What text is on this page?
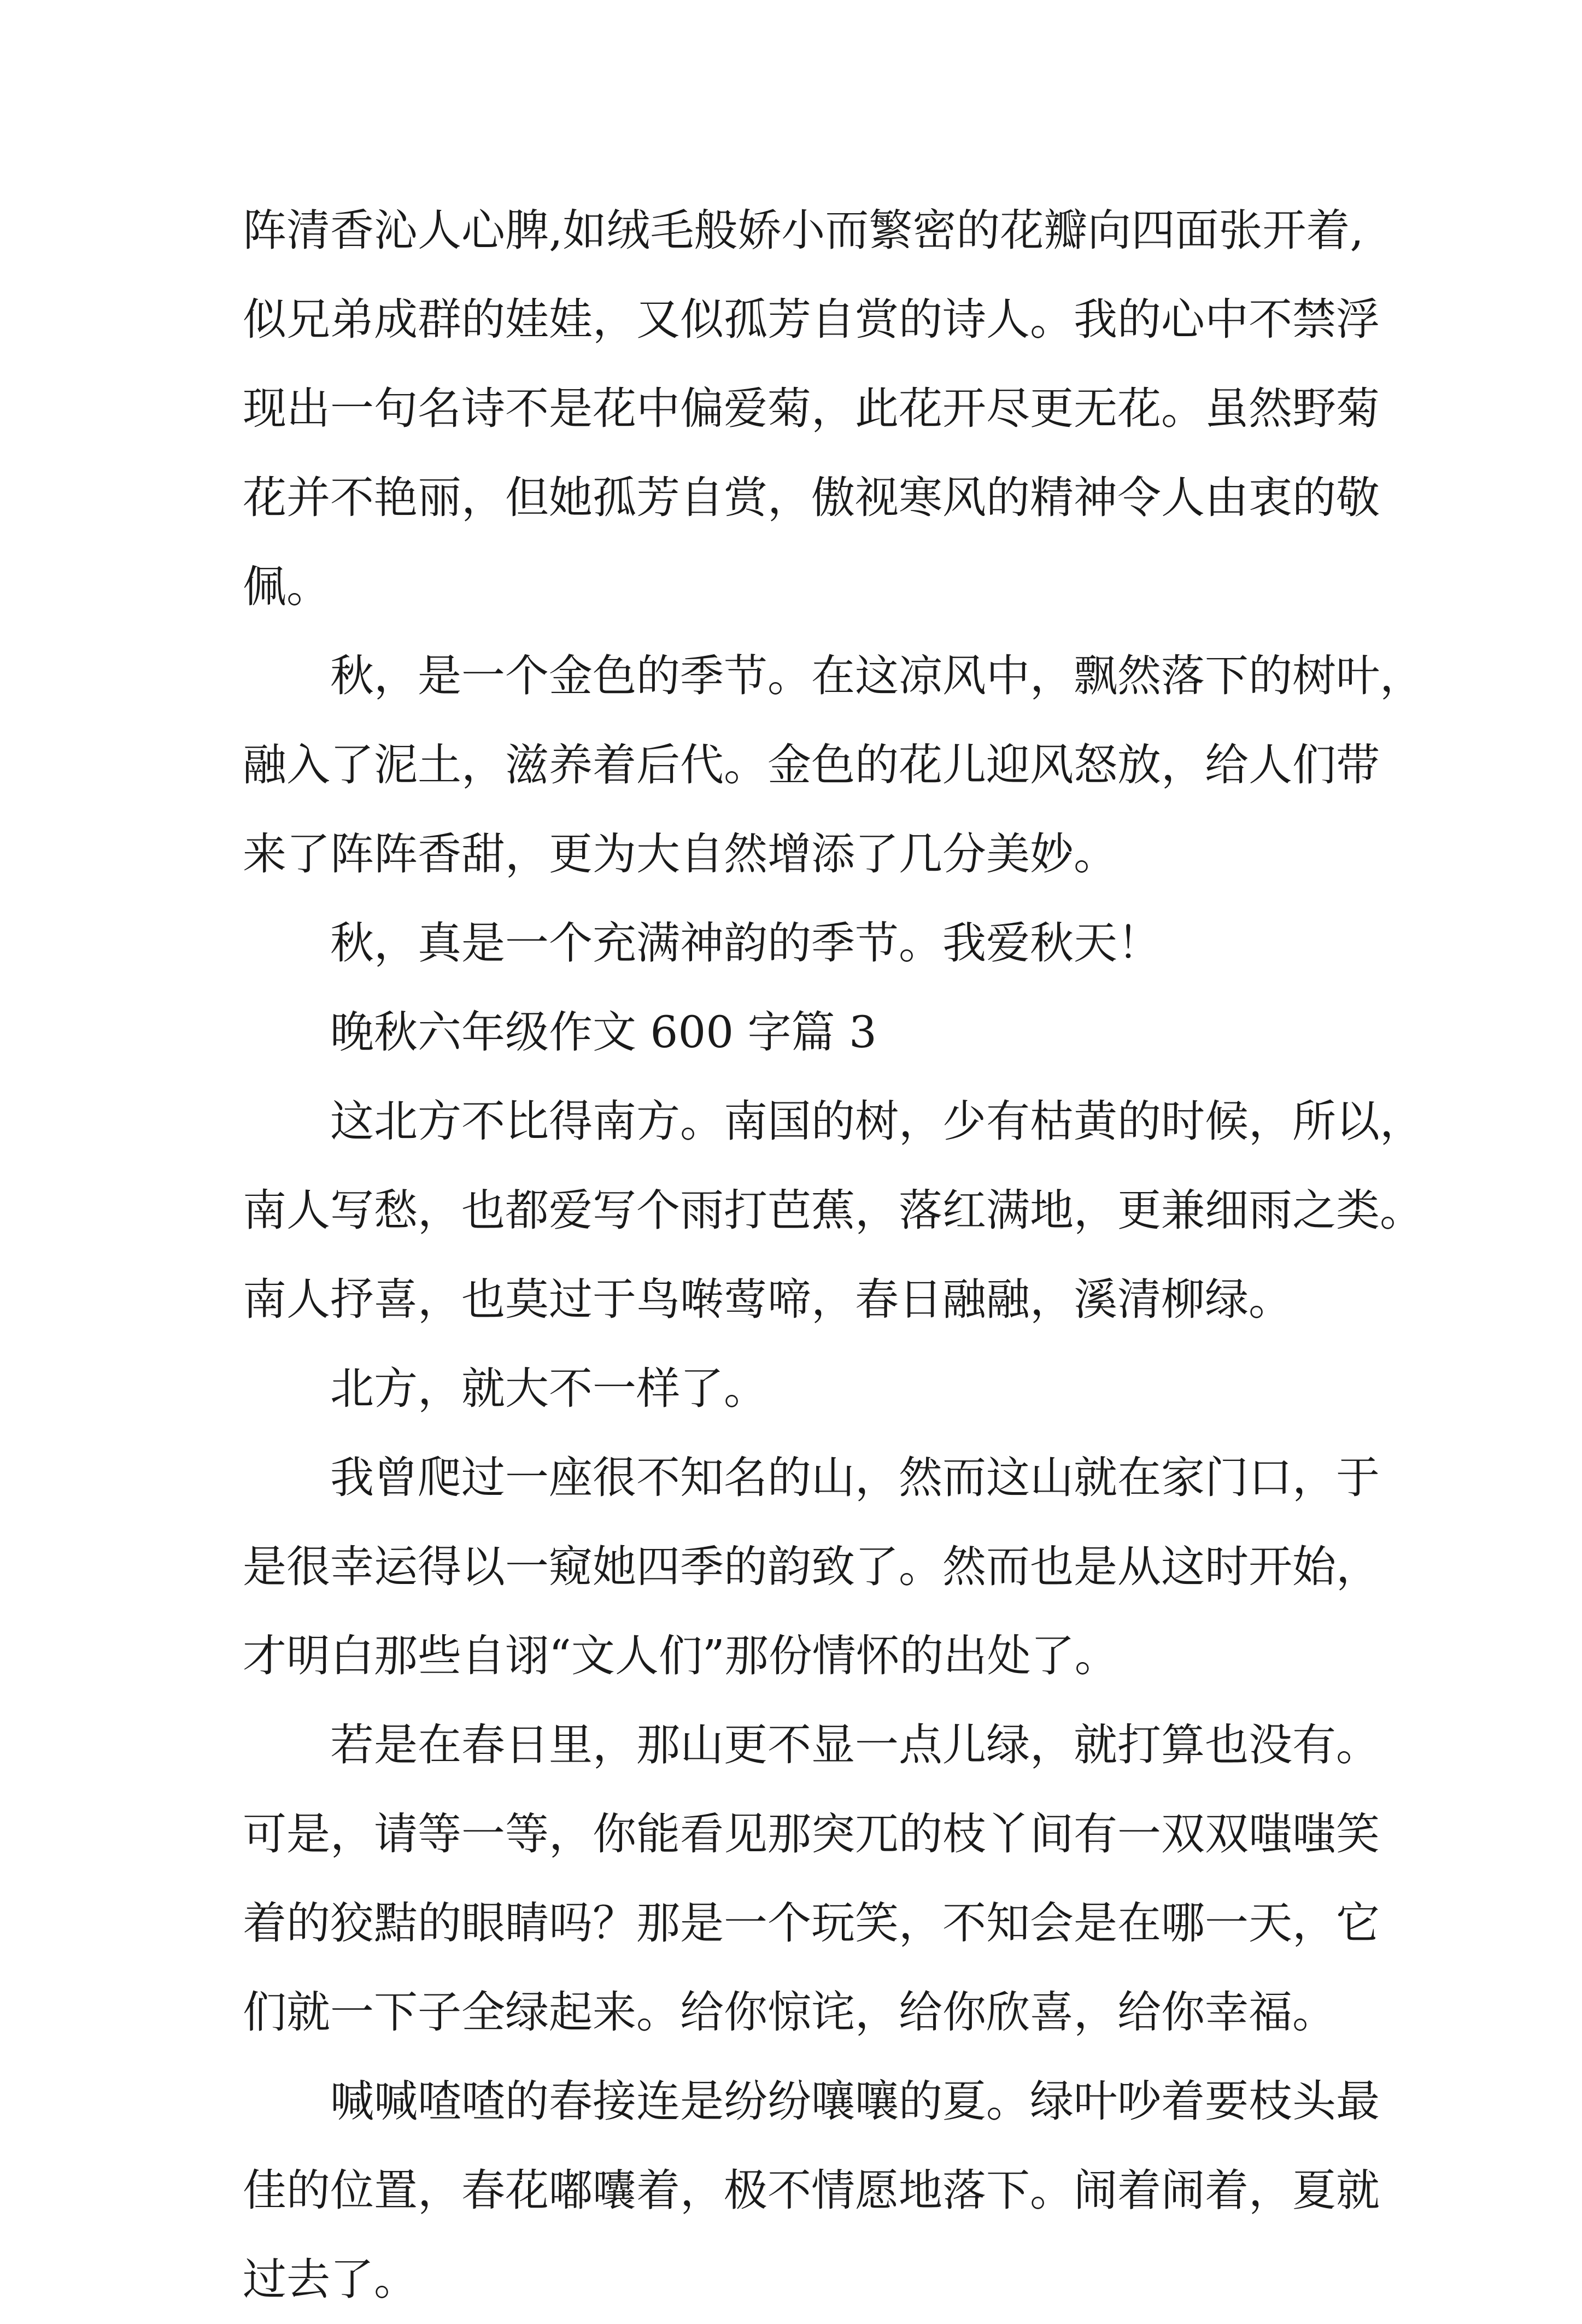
阵清香沁人心脾,如绒毛般娇小而繁密的花瓣向四面张开着,
似兄弟成群的娃娃，又似孤芳自赏的诗人。我的心中不禁浮
现出一句名诗不是花中偏爱菊，此花开尽更无花。虽然野菊
花并不艳丽，但她孤芳自赏，傲视寒风的精神令人由衷的敬
佩。
秋，是一个金色的季节。在这凉风中，飘然落下的树叶，
融入了泥土，滋养着后代。金色的花儿迎风怒放，给人们带
来了阵阵香甜，更为大自然增添了几分美妙。
秋，真是一个充满神韵的季节。我爱秋天！
晚秋六年级作文 600 字篇 3
这北方不比得南方。南国的树，少有枯黄的时候，所以，
南人写愁，也都爱写个雨打芭蕉，落红满地，更兼细雨之类。
南人抒喜，也莫过于鸟啭莺啼，春日融融，溪清柳绿。
北方，就大不一样了。
我曾爬过一座很不知名的山，然而这山就在家门口，于
是很幸运得以一窥她四季的韵致了。然而也是从这时开始，
才明白那些自诩“文人们”那份情怀的出处了。
若是在春日里，那山更不显一点儿绿，就打算也没有。
可是，请等一等，你能看见那突兀的枝丫间有一双双嗤嗤笑
着的狡黠的眼睛吗？那是一个玩笑，不知会是在哪一天，它
们就一下子全绿起来。给你惊诧，给你欣喜，给你幸福。
喊喊喳喳的春接连是纷纷嚷嚷的夏。绿叶吵着要枝头最
佳的位置，春花嘟囔着，极不情愿地落下。闹着闹着，夏就
过去了。
